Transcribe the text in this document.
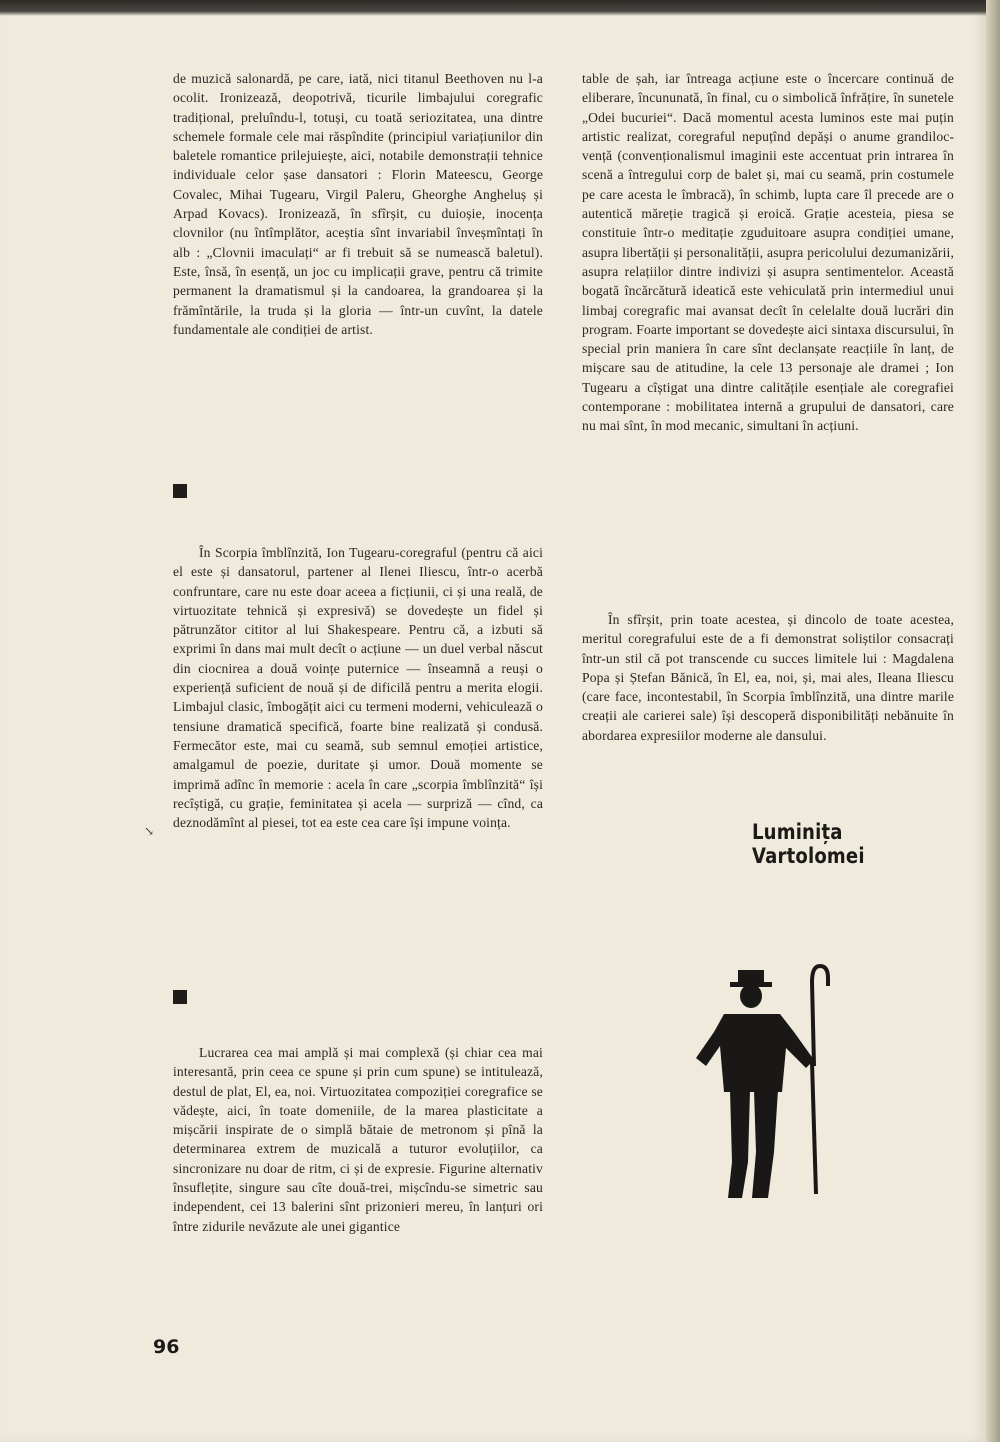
de muzică salonardă, pe care, iată, nici titanul Beethoven nu l-a ocolit. Ironizează, deopotrivă, ticurile limbajului coregrafic tradițional, preluîndu-l, totuși, cu toată seriozitatea, una dintre schemele formale cele mai răspîndite (principiul variațiunilor din baletele romantice prilejuiește, aici, notabile demonstrații tehnice individuale celor șase dansatori : Florin Mateescu, George Covalec, Mihai Tugearu, Virgil Paleru, Gheorghe Angheluș și Arpad Kovacs). Ironizează, în sfîrșit, cu duioșie, inocența clovnilor (nu întîmplător, aceștia sînt invariabil înveșmîntați în alb : „Clovnii imaculați“ ar fi trebuit să se numească baletul). Este, însă, în esență, un joc cu implicații grave, pentru că trimite permanent la dramatismul și la candoarea, la grandoarea și la frămîntările, la truda și la gloria — într-un cuvînt, la datele fundamentale ale condiției de artist.

În Scorpia îmblînzită, Ion Tugearu-coregraful (pentru că aici el este și dansatorul, partener al Ilenei Iliescu, într-o acerbă confruntare, care nu este doar aceea a ficțiunii, ci și una reală, de virtuozitate tehnică și expresivă) se dovedește un fidel și pătrunzător cititor al lui Shakespeare. Pentru că, a izbuti să exprimi în dans mai mult decît o acțiune — un duel verbal născut din ciocnirea a două voințe puternice — înseamnă a reuși o experiență suficient de nouă și de dificilă pentru a merita elogii. Limbajul clasic, îmbogățit aici cu termeni moderni, vehiculează o tensiune dramatică specifică, foarte bine realizată și condusă. Fermecător este, mai cu seamă, sub semnul emoției artistice, amalgamul de poezie, duritate și umor. Două momente se imprimă adînc în memorie : acela în care „scorpia îmblînzită“ își recîștigă, cu grație, feminitatea și acela — surpriză — cînd, ca deznodămînt al piesei, tot ea este cea care își impune voința.

↘

Lucrarea cea mai amplă și mai complexă (și chiar cea mai interesantă, prin ceea ce spune și prin cum spune) se intitulează, destul de plat, El, ea, noi. Virtuozitatea compoziției coregrafice se vădește, aici, în toate domeniile, de la marea plasticitate a mișcării inspirate de o simplă bătaie de metronom și pînă la determinarea extrem de muzicală a tuturor evoluțiilor, ca sincronizare nu doar de ritm, ci și de expresie. Figurine alternativ însuflețite, singure sau cîte două-trei, mișcîndu-se simetric sau independent, cei 13 balerini sînt prizonieri mereu, în lanțuri ori între zidurile nevăzute ale unei gigantice

table de șah, iar întreaga acțiune este o încercare continuă de eliberare, încununată, în final, cu o simbolică înfrățire, în sunetele „Odei bucuriei“. Dacă momentul acesta luminos este mai puțin artistic realizat, coregraful nepuțînd depăși o anume grandilocvență (convenționalismul imaginii este accentuat prin intrarea în scenă a întregului corp de balet și, mai cu seamă, prin costumele pe care acesta le îmbracă), în schimb, lupta care îl precede are o autentică măreție tragică și eroică. Grație acesteia, piesa se constituie într-o meditație zguduitoare asupra condiției umane, asupra libertății și personalității, asupra pericolului dezumanizării, asupra relațiilor dintre indivizi și asupra sentimentelor. Această bogată încărcătură ideatică este vehiculată prin intermediul unui limbaj coregrafic mai avansat decît în celelalte două lucrări din program. Foarte important se dovedește aici sintaxa discursului, în special prin maniera în care sînt declanșate reacțiile în lanț, de mișcare sau de atitudine, la cele 13 personaje ale dramei ; Ion Tugearu a cîștigat una dintre calitățile esențiale ale coregrafiei contemporane : mobilitatea internă a grupului de dansatori, care nu mai sînt, în mod mecanic, simultani în acțiuni.

În sfîrșit, prin toate acestea, și dincolo de toate acestea, meritul coregrafului este de a fi demonstrat soliștilor consacrați într-un stil că pot transcende cu succes limitele lui : Magdalena Popa și Ștefan Bănică, în El, ea, noi, și, mai ales, Ileana Iliescu (care face, incontestabil, în Scorpia îmblînzită, una dintre marile creații ale carierei sale) își descoperă disponibilități nebănuite în abordarea expresiilor moderne ale dansului.

Luminița Vartolomei
96
